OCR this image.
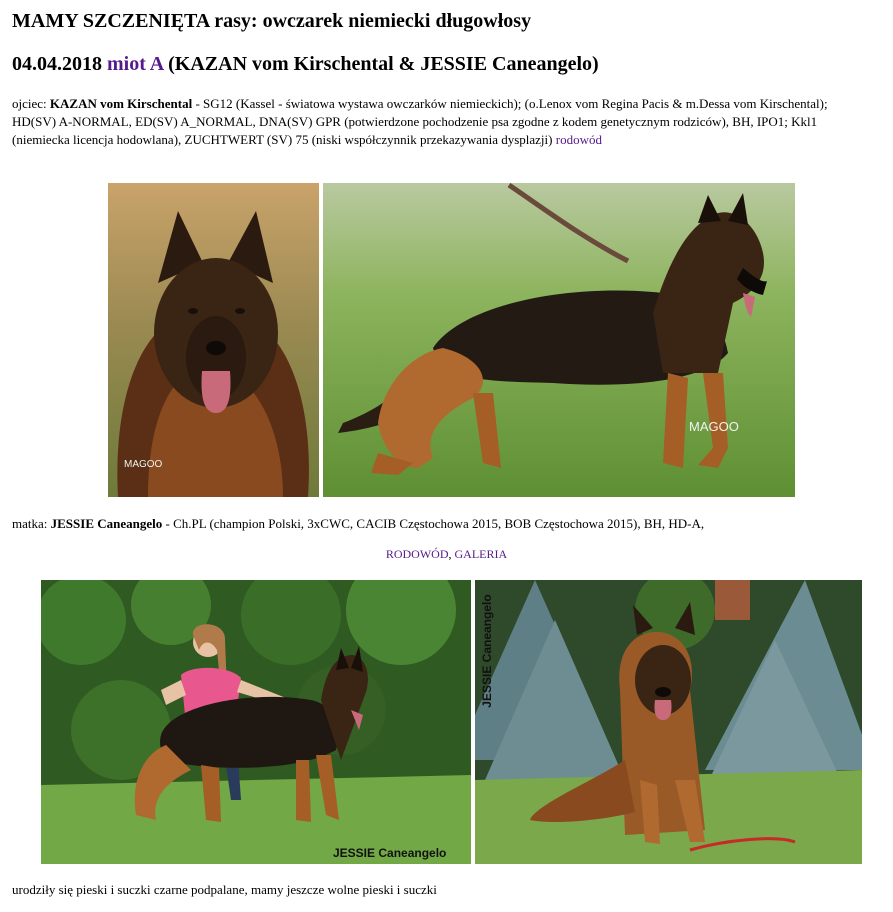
MAMY SZCZENIĘTA rasy: owczarek niemiecki długowłosy
04.04.2018 miot A (KAZAN vom Kirschental & JESSIE Caneangelo)
ojciec: KAZAN vom Kirschental - SG12 (Kassel - światowa wystawa owczarków niemieckich); (o.Lenox vom Regina Pacis & m.Dessa vom Kirschental);
HD(SV) A-NORMAL, ED(SV) A_NORMAL, DNA(SV) GPR (potwierdzone pochodzenie psa zgodne z kodem genetycznym rodziców), BH, IPO1; Kkl1 (niemiecka licencja hodowlana), ZUCHTWERT (SV) 75 (niski współczynnik przekazywania dysplazji) rodowód
MAGOO
MAGOO
matka: JESSIE Caneangelo - Ch.PL (champion Polski, 3xCWC, CACIB Częstochowa 2015, BOB Częstochowa 2015), BH, HD-A,
RODOWÓD, GALERIA
JESSIE Caneangelo
JESSIE Caneangelo
urodziły się pieski i suczki czarne podpalane, mamy jeszcze wolne pieski i suczki
